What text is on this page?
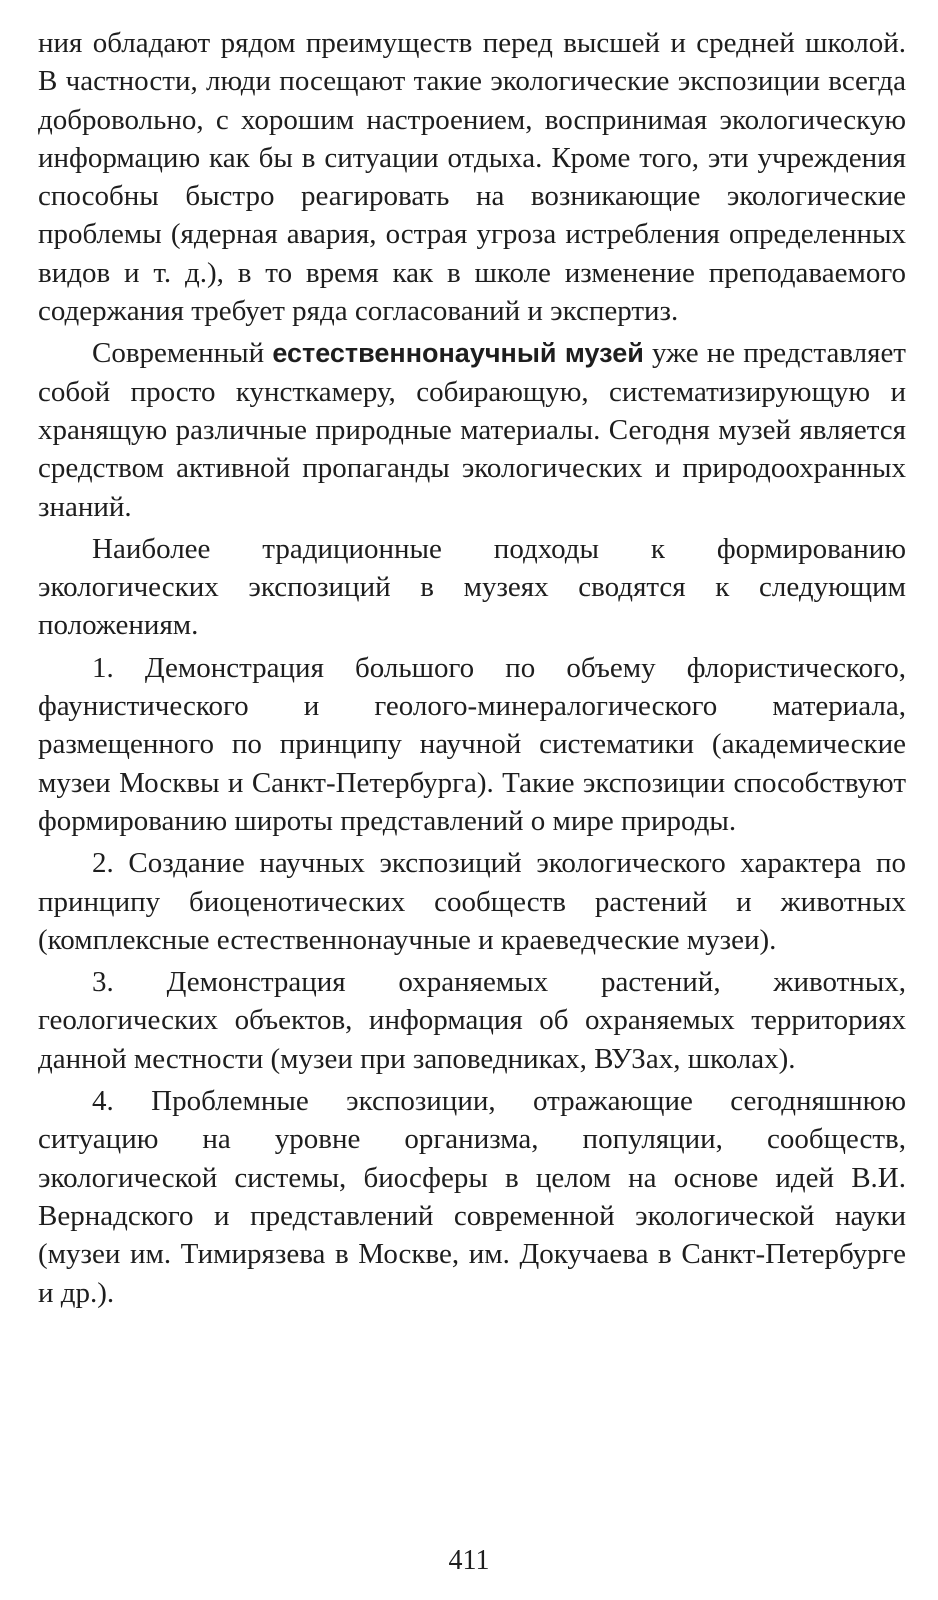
ния обладают рядом преимуществ перед высшей и средней школой. В частности, люди посещают такие экологические экспозиции всегда добровольно, с хорошим настроением, воспринимая экологическую информацию как бы в ситуации отдыха. Кроме того, эти учреждения способны быстро реагировать на возникающие экологические проблемы (ядерная авария, острая угроза истребления определенных видов и т. д.), в то время как в школе изменение преподаваемого содержания требует ряда согласований и экспертиз.

Современный естественнонаучный музей уже не представляет собой просто кунсткамеру, собирающую, систематизирующую и хранящую различные природные материалы. Сегодня музей является средством активной пропаганды экологических и природоохранных знаний.

Наиболее традиционные подходы к формированию экологических экспозиций в музеях сводятся к следующим положениям.

1. Демонстрация большого по объему флористического, фаунистического и геолого-минералогического материала, размещенного по принципу научной систематики (академические музеи Москвы и Санкт-Петербурга). Такие экспозиции способствуют формированию широты представлений о мире природы.

2. Создание научных экспозиций экологического характера по принципу биоценотических сообществ растений и животных (комплексные естественнонаучные и краеведческие музеи).

3. Демонстрация охраняемых растений, животных, геологических объектов, информация об охраняемых территориях данной местности (музеи при заповедниках, ВУЗах, школах).

4. Проблемные экспозиции, отражающие сегодняшнюю ситуацию на уровне организма, популяции, сообществ, экологической системы, биосферы в целом на основе идей В.И. Вернадского и представлений современной экологической науки (музеи им. Тимирязева в Москве, им. Докучаева в Санкт-Петербурге и др.).

411
